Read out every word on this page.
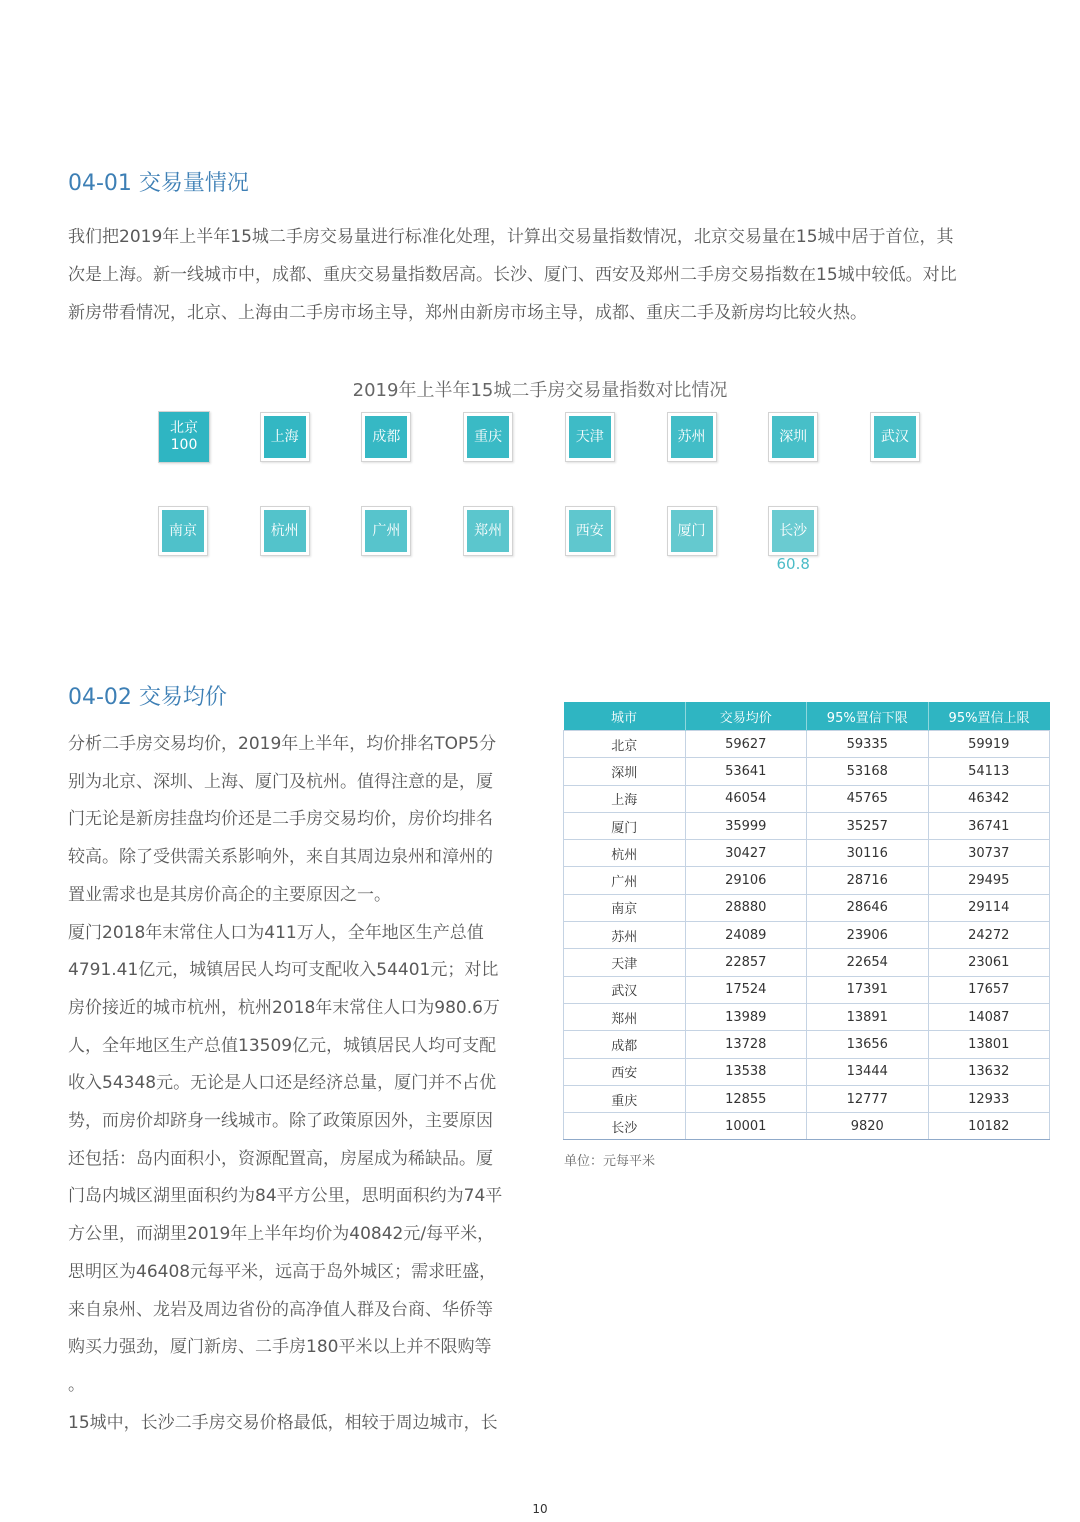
04-01 交易量情况
我们把2019年上半年15城二手房交易量进行标准化处理，计算出交易量指数情况，北京交易量在15城中居于首位，其
次是上海。新一线城市中，成都、重庆交易量指数居高。长沙、厦门、西安及郑州二手房交易指数在15城中较低。对比
新房带看情况，北京、上海由二手房市场主导，郑州由新房市场主导，成都、重庆二手及新房均比较火热。
2019年上半年15城二手房交易量指数对比情况
北京
100
上海	成都	重庆	天津	苏州	深圳	武汉
南京	杭州	广州	郑州	西安	厦门	长沙
60.8
04-02 交易均价
分析二手房交易均价，2019年上半年，均价排名TOP5分
别为北京、深圳、上海、厦门及杭州。值得注意的是，厦
门无论是新房挂盘均价还是二手房交易均价，房价均排名
较高。除了受供需关系影响外，来自其周边泉州和漳州的
置业需求也是其房价高企的主要原因之一。
厦门2018年末常住人口为411万人，全年地区生产总值
4791.41亿元，城镇居民人均可支配收入54401元；对比
房价接近的城市杭州，杭州2018年末常住人口为980.6万
人，全年地区生产总值13509亿元，城镇居民人均可支配
收入54348元。无论是人口还是经济总量，厦门并不占优
势，而房价却跻身一线城市。除了政策原因外，主要原因
还包括：岛内面积小，资源配置高，房屋成为稀缺品。厦
门岛内城区湖里面积约为84平方公里，思明面积约为74平
方公里，而湖里2019年上半年均价为40842元/每平米，
思明区为46408元每平米，远高于岛外城区；需求旺盛，
来自泉州、龙岩及周边省份的高净值人群及台商、华侨等
购买力强劲，厦门新房、二手房180平米以上并不限购等
。
15城中，长沙二手房交易价格最低，相较于周边城市，长
城市	交易均价	95%置信下限	95%置信上限
北京	59627	59335	59919
深圳	53641	53168	54113
上海	46054	45765	46342
厦门	35999	35257	36741
杭州	30427	30116	30737
广州	29106	28716	29495
南京	28880	28646	29114
苏州	24089	23906	24272
天津	22857	22654	23061
武汉	17524	17391	17657
郑州	13989	13891	14087
成都	13728	13656	13801
西安	13538	13444	13632
重庆	12855	12777	12933
长沙	10001	9820	10182
单位：元每平米
10
